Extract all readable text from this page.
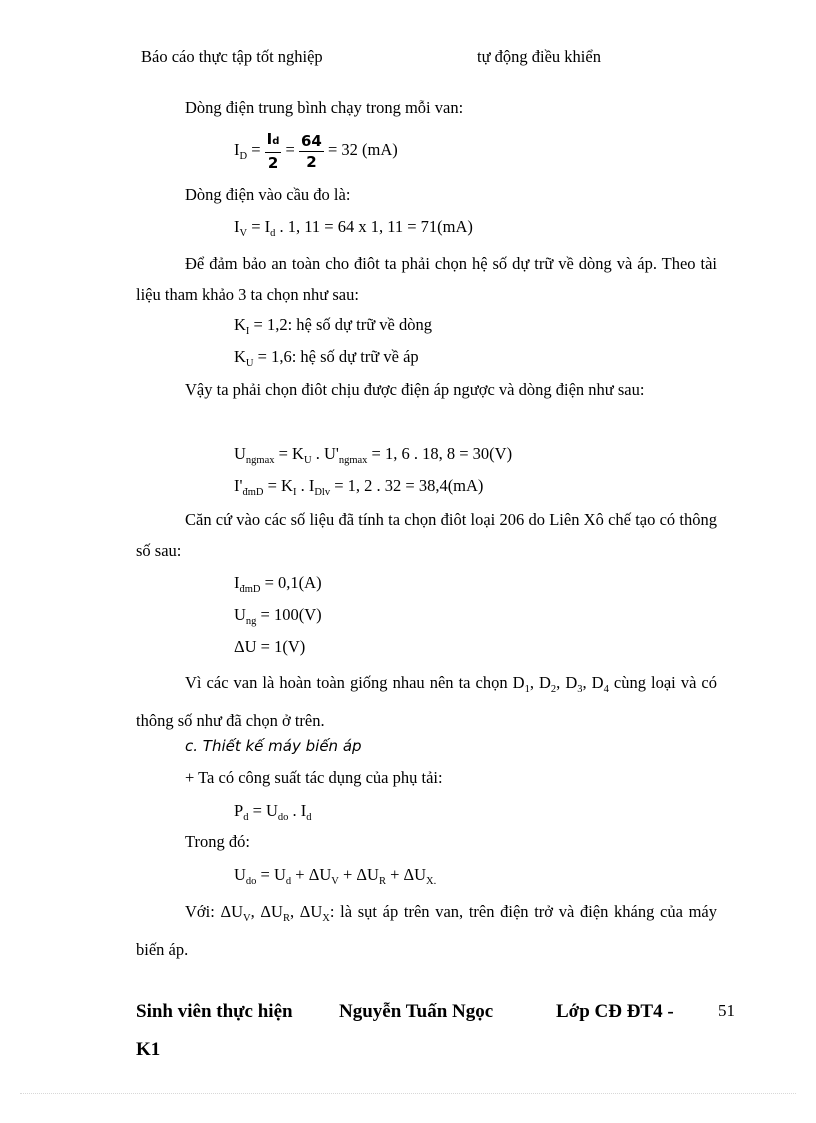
Báo cáo thực tập tốt nghiệp	tự động điều khiển
Dòng điện trung bình chạy trong mỗi van:
$I_D = \frac{Id}{2} = \frac{64}{2} = 32$ (mA)
Dòng điện vào cầu đo là:
$I_V = I_d$ . 1, 11 = 64 x 1, 11 = 71(mA)
Để đảm bảo an toàn cho điôt ta phải chọn hệ số dự trữ về dòng và áp. Theo tài liệu tham khảo 3 ta chọn như sau:
$K_I = 1,2$: hệ số dự trữ về dòng
$K_U = 1,6$: hệ số dự trữ về áp
Vậy ta phải chọn điôt chịu được điện áp ngược và dòng điện như sau:
$U_{ngmax} = K_U$ . $U'_{ngmax} = 1$, 6 . 18, 8 = 30(V)
$I'_{đmD} = K_I$ . $I_{Dlv} = 1$, 2 . 32 = 38,4(mA)
Căn cứ vào các số liệu đã tính ta chọn điôt loại 206 do Liên Xô chế tạo có thông số sau:
$I_{đmD} = 0,1(A)$
$U_{ng} = 100(V)$
ΔU = 1(V)
Vì các van là hoàn toàn giống nhau nên ta chọn $D_1$, $D_2$, $D_3$, $D_4$ cùng loại và có thông số như đã chọn ở trên.
c. Thiết kế máy biến áp
+ Ta có công suất tác dụng của phụ tải:
$P_d = U_{do}$ . $I_d$
Trong đó:
$U_{do} = U_d + \Delta U_V + \Delta U_R + \Delta U_{X.}$
Với: $\Delta U_V$, $\Delta U_R$, $\Delta U_X$: là sụt áp trên van, trên điện trở và điện kháng của máy biến áp.
Sinh viên thực hiện Nguyễn Tuấn Ngọc	Lớp CĐ ĐT4 -	51
K1
